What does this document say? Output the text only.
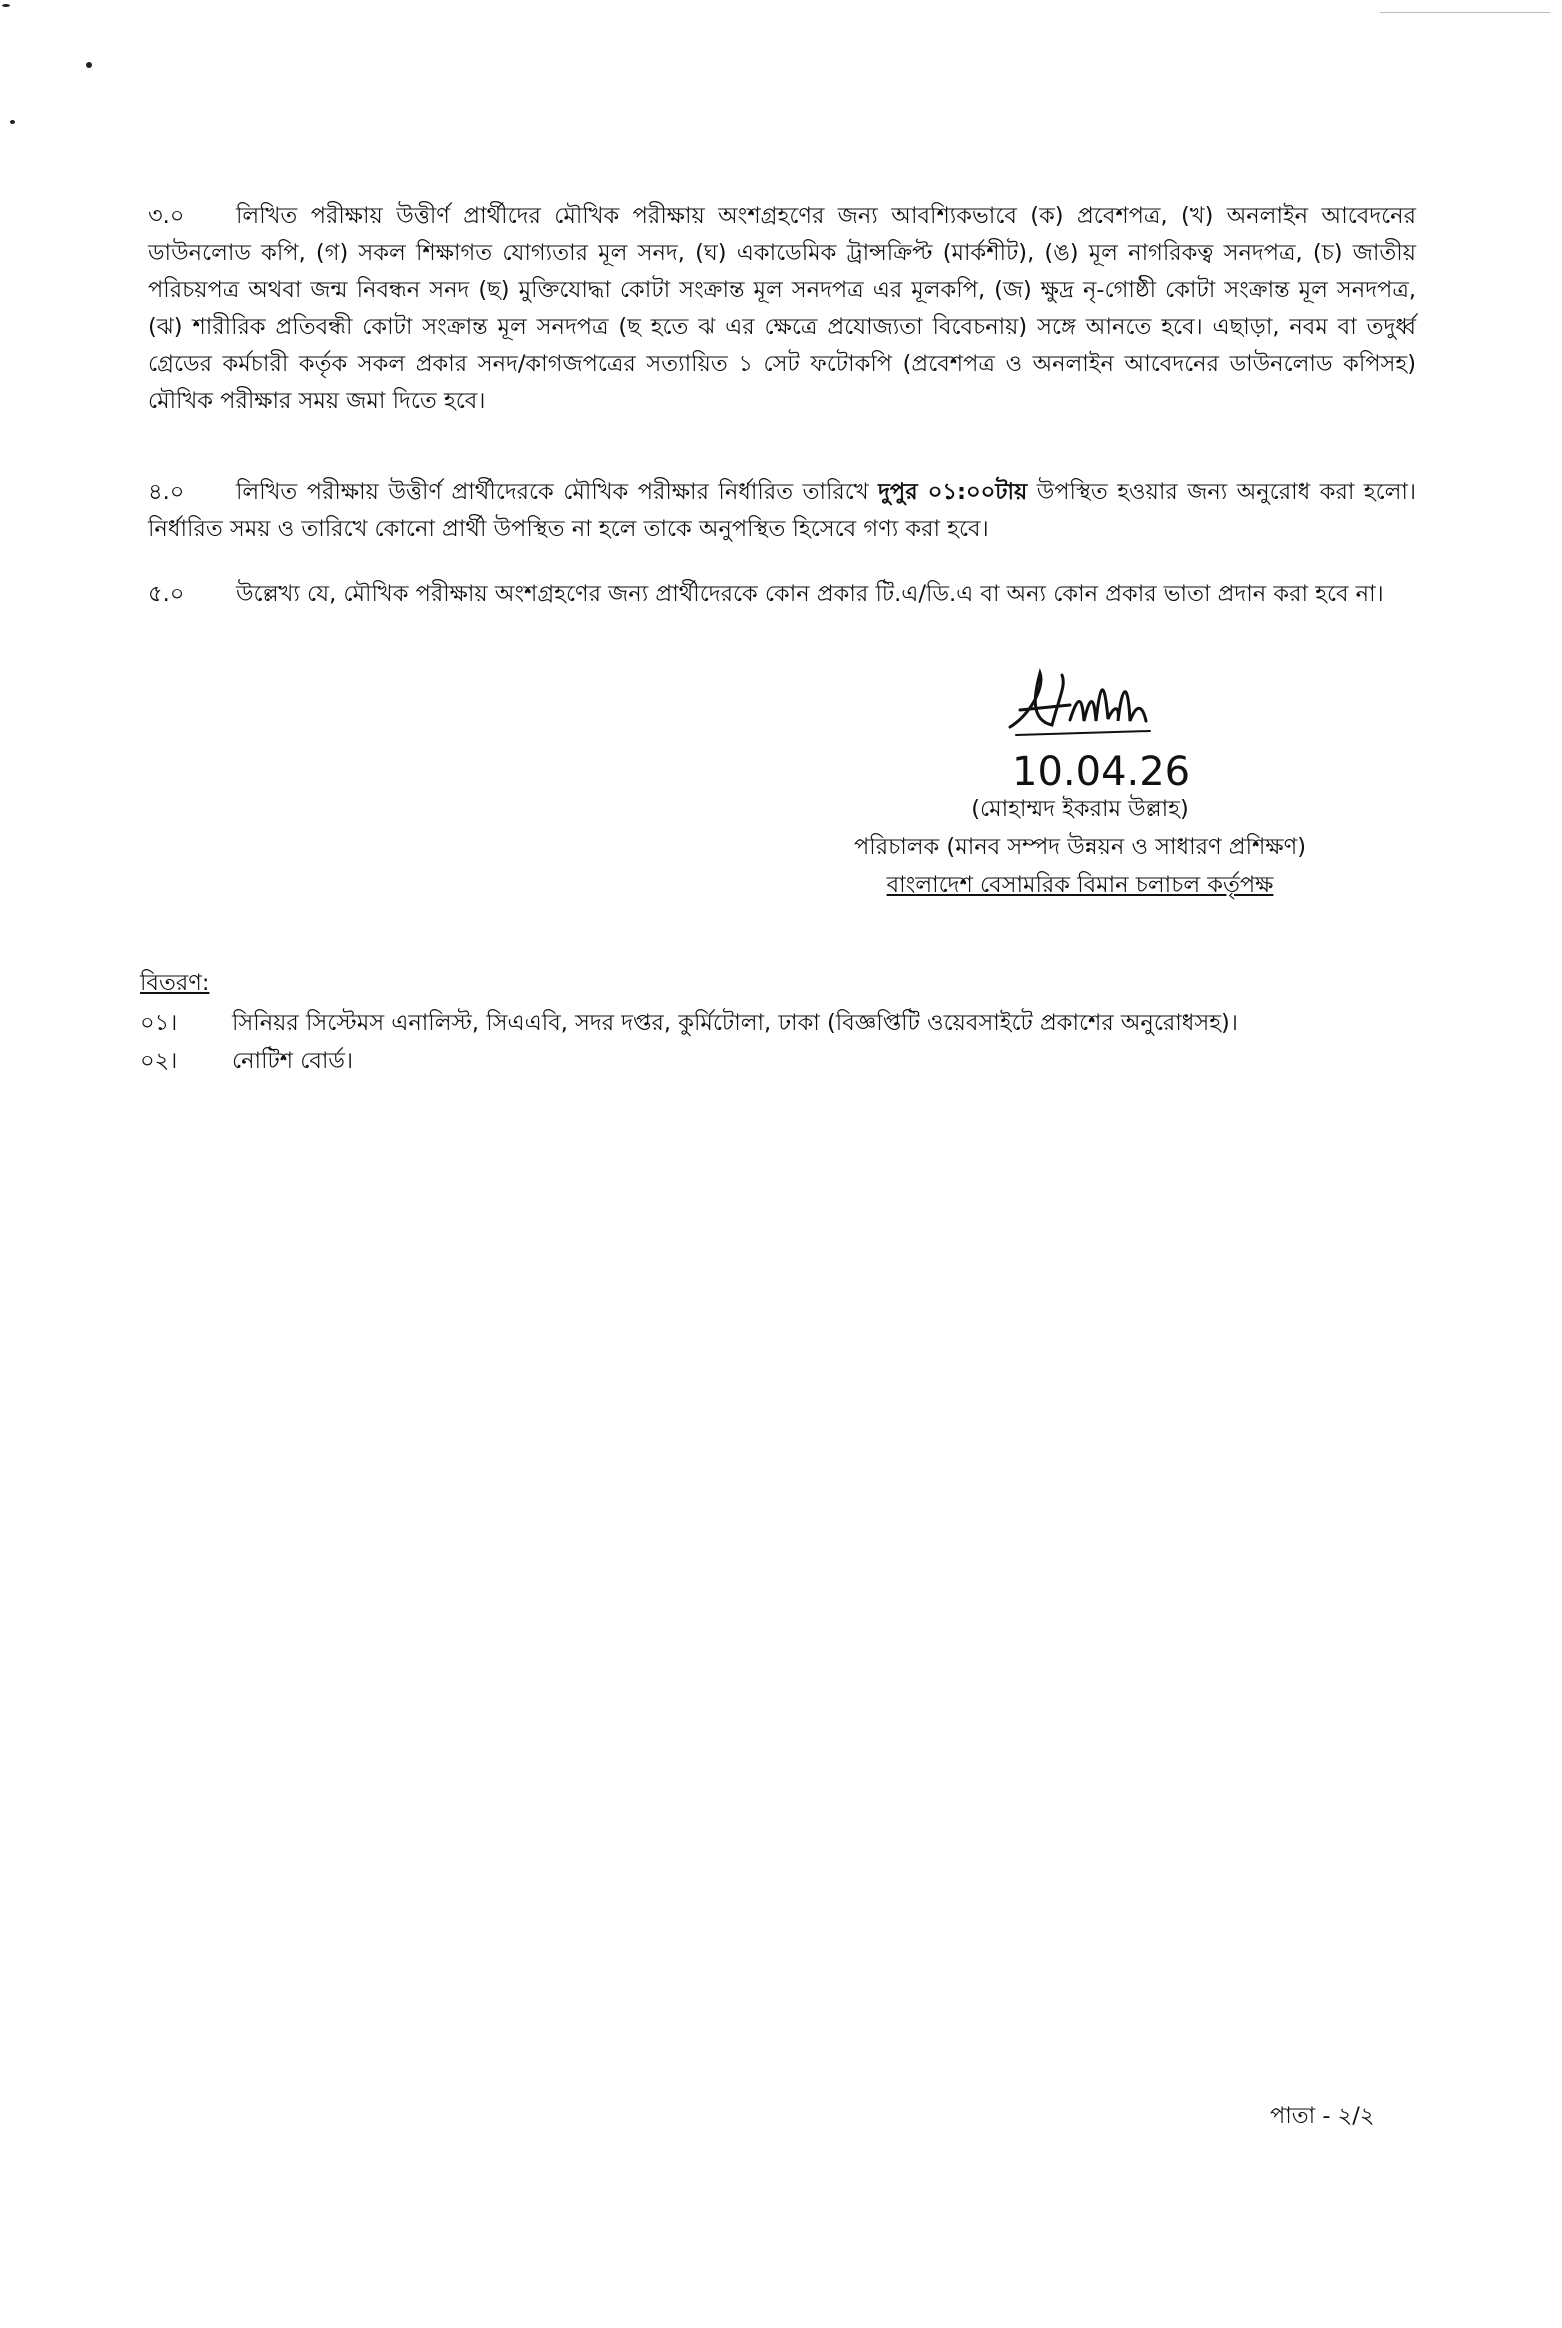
৩.০	লিখিত পরীক্ষায় উত্তীর্ণ প্রার্থীদের মৌখিক পরীক্ষায় অংশগ্রহণের জন্য আবশ্যিকভাবে (ক) প্রবেশপত্র, (খ) অনলাইন আবেদনের ডাউনলোড কপি, (গ) সকল শিক্ষাগত যোগ্যতার মূল সনদ, (ঘ) একাডেমিক ট্রান্সক্রিপ্ট (মার্কশীট), (ঙ) মূল নাগরিকত্ব সনদপত্র, (চ) জাতীয় পরিচয়পত্র অথবা জন্ম নিবন্ধন সনদ (ছ) মুক্তিযোদ্ধা কোটা সংক্রান্ত মূল সনদপত্র এর মূলকপি, (জ) ক্ষুদ্র নৃ-গোষ্ঠী কোটা সংক্রান্ত মূল সনদপত্র, (ঝ) শারীরিক প্রতিবন্ধী কোটা সংক্রান্ত মূল সনদপত্র (ছ হতে ঝ এর ক্ষেত্রে প্রযোজ্যতা বিবেচনায়) সঙ্গে আনতে হবে। এছাড়া, নবম বা তদুর্ধ্ব গ্রেডের কর্মচারী কর্তৃক সকল প্রকার সনদ/কাগজপত্রের সত্যায়িত ১ সেট ফটোকপি (প্রবেশপত্র ও অনলাইন আবেদনের ডাউনলোড কপিসহ) মৌখিক পরীক্ষার সময় জমা দিতে হবে।
৪.০	লিখিত পরীক্ষায় উত্তীর্ণ প্রার্থীদেরকে মৌখিক পরীক্ষার নির্ধারিত তারিখে দুপুর ০১:০০টায় উপস্থিত হওয়ার জন্য অনুরোধ করা হলো। নির্ধারিত সময় ও তারিখে কোনো প্রার্থী উপস্থিত না হলে তাকে অনুপস্থিত হিসেবে গণ্য করা হবে।
৫.০	উল্লেখ্য যে, মৌখিক পরীক্ষায় অংশগ্রহণের জন্য প্রার্থীদেরকে কোন প্রকার টি.এ/ডি.এ বা অন্য কোন প্রকার ভাতা প্রদান করা হবে না।
10.04.26
(মোহাম্মদ ইকরাম উল্লাহ)
পরিচালক (মানব সম্পদ উন্নয়ন ও সাধারণ প্রশিক্ষণ)
বাংলাদেশ বেসামরিক বিমান চলাচল কর্তৃপক্ষ
বিতরণ:
০১। সিনিয়র সিস্টেমস এনালিস্ট, সিএএবি, সদর দপ্তর, কুর্মিটোলা, ঢাকা (বিজ্ঞপ্তিটি ওয়েবসাইটে প্রকাশের অনুরোধসহ)।
০২। নোটিশ বোর্ড।
পাতা - ২/২
